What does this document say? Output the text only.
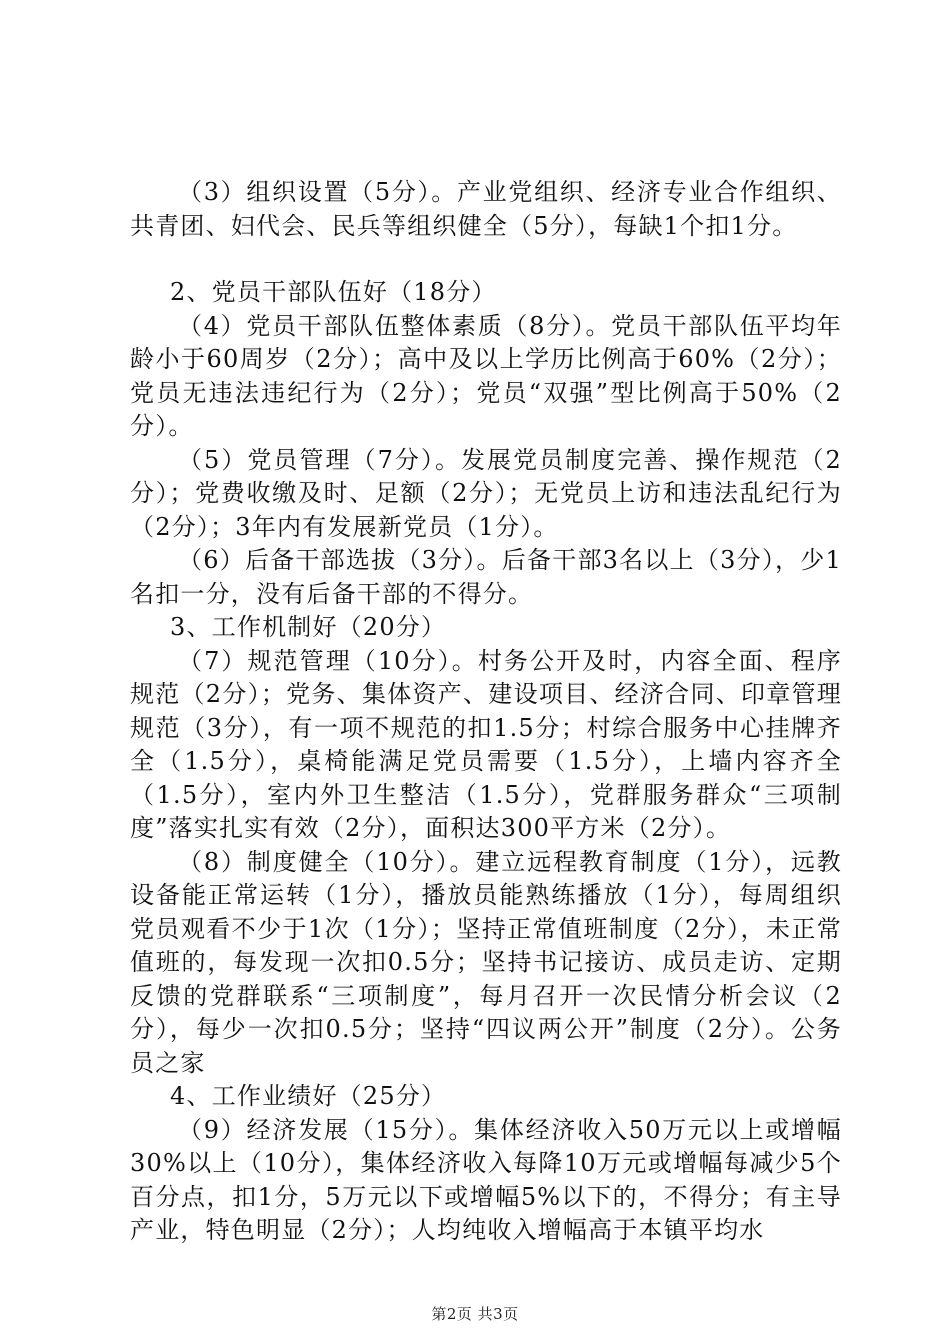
（3）组织设置（5分）。产业党组织、经济专业合作组织、共青团、妇代会、民兵等组织健全（5分），每缺1个扣1分。

2、党员干部队伍好（18分）

（4）党员干部队伍整体素质（8分）。党员干部队伍平均年龄小于60周岁（2分）；高中及以上学历比例高于60%（2分）；党员无违法违纪行为（2分）；党员“双强”型比例高于50%（2分）。

（5）党员管理（7分）。发展党员制度完善、操作规范（2分）；党费收缴及时、足额（2分）；无党员上访和违法乱纪行为（2分）；3年内有发展新党员（1分）。

（6）后备干部选拔（3分）。后备干部3名以上（3分），少1名扣一分，没有后备干部的不得分。

3、工作机制好（20分）

（7）规范管理（10分）。村务公开及时，内容全面、程序规范（2分）；党务、集体资产、建设项目、经济合同、印章管理规范（3分），有一项不规范的扣1.5分；村综合服务中心挂牌齐全（1.5分），桌椅能满足党员需要（1.5分），上墙内容齐全（1.5分），室内外卫生整洁（1.5分），党群服务群众“三项制度”落实扎实有效（2分），面积达300平方米（2分）。

（8）制度健全（10分）。建立远程教育制度（1分），远教设备能正常运转（1分），播放员能熟练播放（1分），每周组织党员观看不少于1次（1分）；坚持正常值班制度（2分），未正常值班的，每发现一次扣0.5分；坚持书记接访、成员走访、定期反馈的党群联系“三项制度”，每月召开一次民情分析会议（2分），每少一次扣0.5分；坚持“四议两公开”制度（2分）。公务员之家

4、工作业绩好（25分）

（9）经济发展（15分）。集体经济收入50万元以上或增幅30%以上（10分），集体经济收入每降10万元或增幅每减少5个百分点，扣1分，5万元以下或增幅5%以下的，不得分；有主导产业，特色明显（2分）；人均纯收入增幅高于本镇平均水

第2页 共3页
